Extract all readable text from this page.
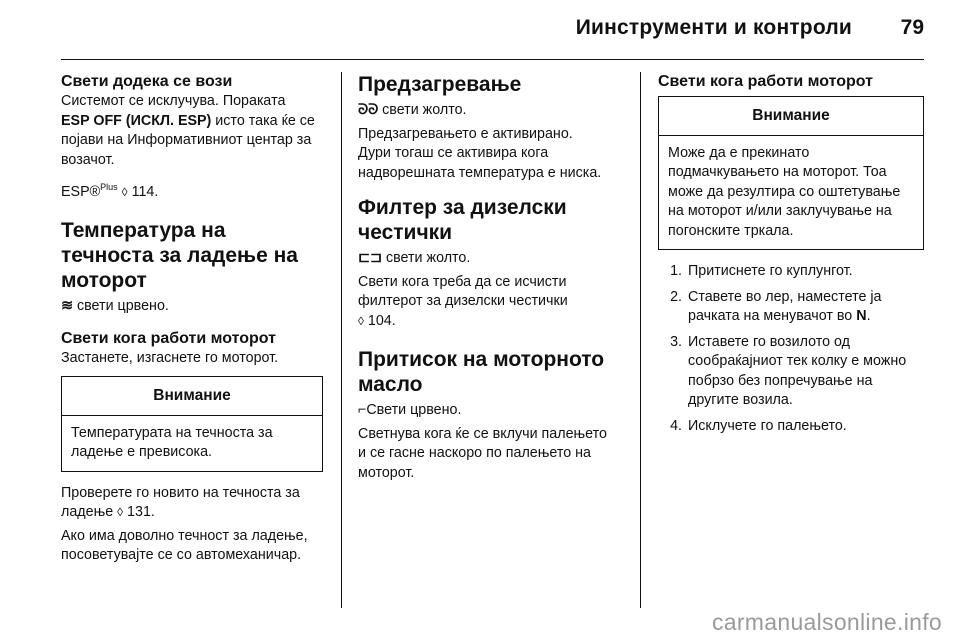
Иинструменти и контроли 79
Свети додека се вози

Системот се исклучува. Поракaта
ESP OFF (ИСКЛ. ESP) исто така ќе се појави на Информативниот центар за возачот.

ESP®$^{Plus}$ ◊ 114.

Температура на течноста за ладење на моторот

≋ свети црвено.

Свети кога работи моторот

Застанете, изгаснете го моторот.

Внимание
Температурата на течноста за ладење е превисока.

Проверете го новито на течноста за ладење ◊ 131.

Ако има доволно течност за ладење, посоветувајте се со автомеханичар.

Предзагревање

ᘐᘐ свети жолто.

Предзагревањето е активирано. Дури тогаш се активира кога надворешната температура е ниска.

Филтер за дизелски честички

⊏⊐ свети жолто.

Свети кога треба да се исчисти филтерот за дизелски честички
◊ 104.

Притисок на моторното масло

⌐Свети црвено.

Светнува кога ќе се вклучи палењето и се гасне наскоро по палењето на моторот.

Свети кога работи моторот
Внимание
Може да е прекинато подмачкувањето на моторот. Тоа може да резултира со оштетување на моторот и/или заклучување на погонските тркала.
1. Притиснете го куплунгот.
2. Ставете во лер, наместете ја рачката на менувачот во N.
3. Иставете го возилото од сообраќајниот тек колку е можно побрзо без попречување на другите возила.
4. Исклучете го палењето.
carmanualsonline.info
